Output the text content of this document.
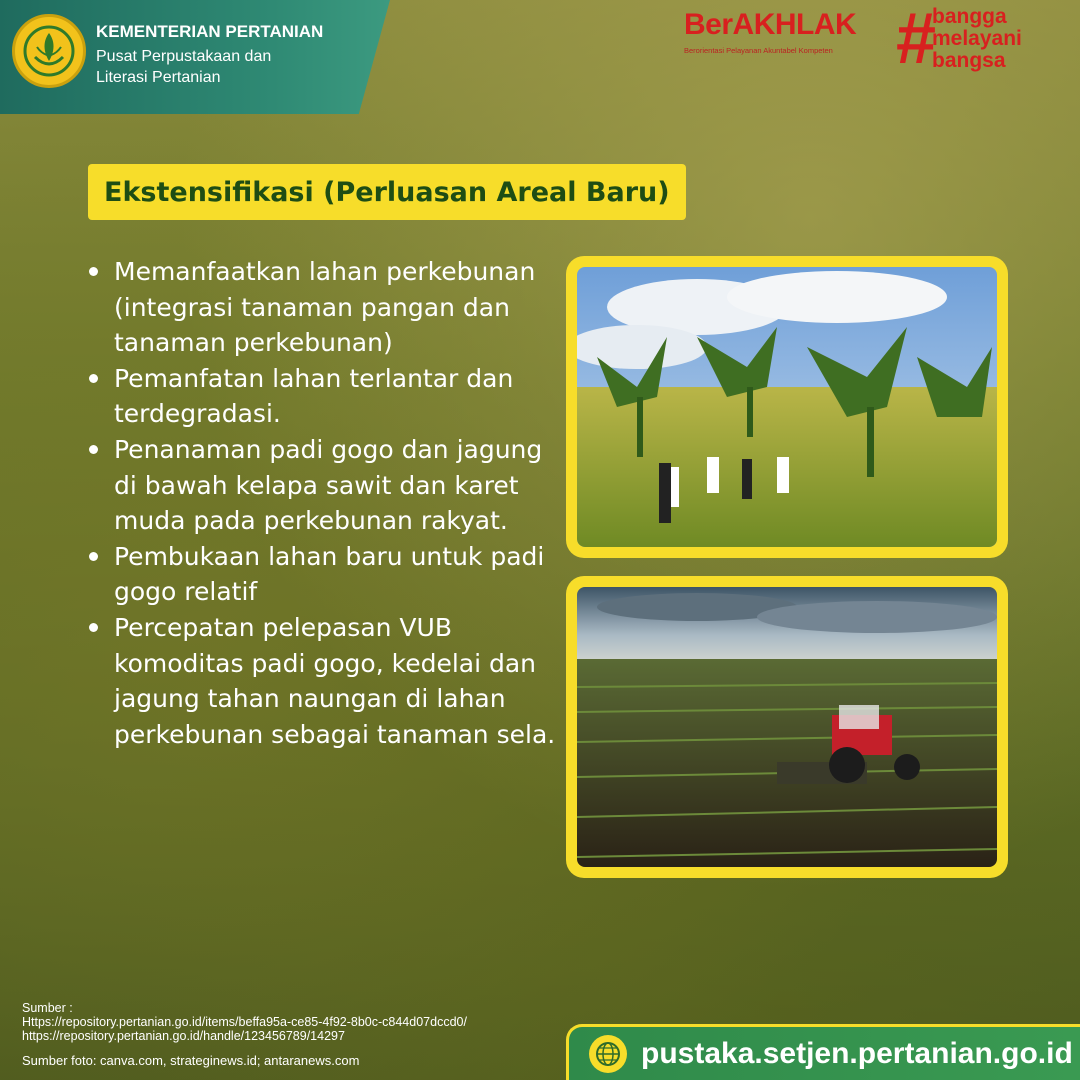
KEMENTERIAN PERTANIAN
Pusat Perpustakaan dan
Literasi Pertanian
BerAKHLAK
Berorientasi Pelayanan Akuntabel Kompeten #
bangga
melayani
bangsa
Ekstensifikasi (Perluasan Areal Baru)
Memanfaatkan lahan perkebunan (integrasi tanaman pangan dan tanaman perkebunan)
Pemanfatan lahan terlantar dan terdegradasi.
Penanaman padi gogo dan jagung di bawah kelapa sawit dan karet muda pada perkebunan rakyat.
Pembukaan lahan baru untuk padi gogo relatif
Percepatan pelepasan VUB komoditas padi gogo, kedelai dan jagung tahan naungan di lahan perkebunan sebagai tanaman sela.
Sumber :
Https://repository.pertanian.go.id/items/beffa95a-ce85-4f92-8b0c-c844d07dccd0/
https://repository.pertanian.go.id/handle/123456789/14297
Sumber foto: canva.com, strateginews.id; antaranews.com	pustaka.setjen.pertanian.go.id
